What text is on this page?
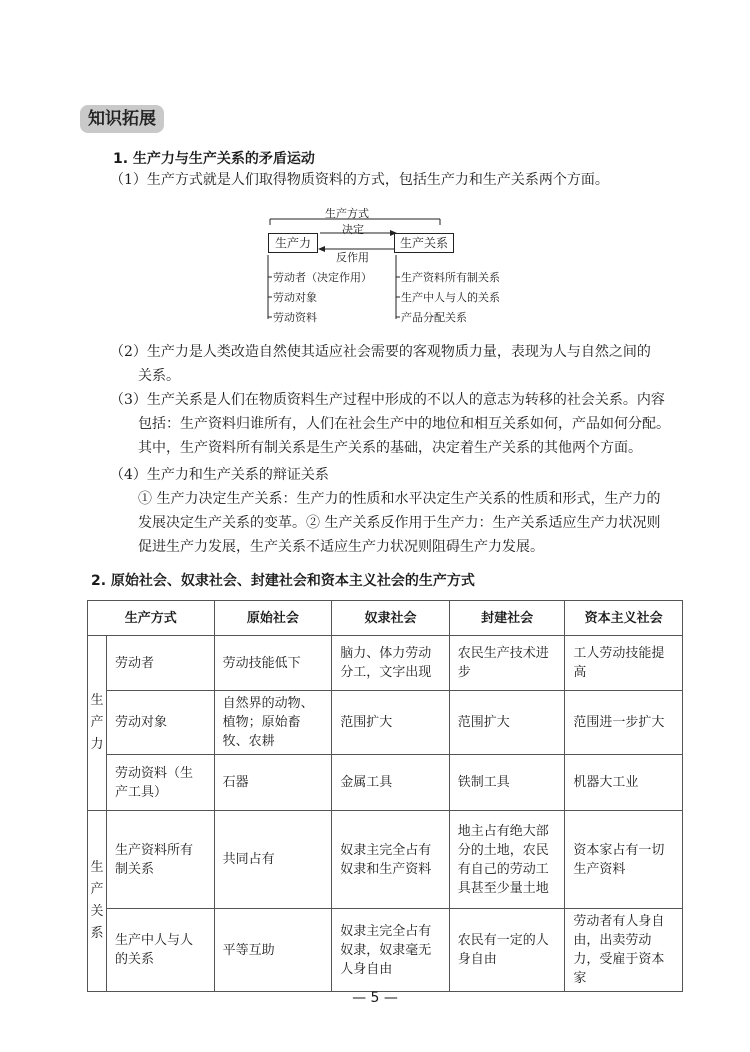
知识拓展
1. 生产力与生产关系的矛盾运动
（1）生产方式就是人们取得物质资料的方式，包括生产力和生产关系两个方面。
生产方式
生产力	生产关系
决定
反作用
劳动者（决定作用）
劳动对象
劳动资料
生产资料所有制关系
生产中人与人的关系
产品分配关系
（2）生产力是人类改造自然使其适应社会需要的客观物质力量，表现为人与自然之间的
关系。
（3）生产关系是人们在物质资料生产过程中形成的不以人的意志为转移的社会关系。内容
包括：生产资料归谁所有，人们在社会生产中的地位和相互关系如何，产品如何分配。
其中，生产资料所有制关系是生产关系的基础，决定着生产关系的其他两个方面。
（4）生产力和生产关系的辩证关系
① 生产力决定生产关系：生产力的性质和水平决定生产关系的性质和形式，生产力的
发展决定生产关系的变革。② 生产关系反作用于生产力：生产关系适应生产力状况则
促进生产力发展，生产关系不适应生产力状况则阻碍生产力发展。
2. 原始社会、奴隶社会、封建社会和资本主义社会的生产方式
生产方式		原始社会	奴隶社会	封建社会	资本主义社会
生产力	劳动者	劳动技能低下	脑力、体力劳动分工，文字出现	农民生产技术进步	工人劳动技能提高
	劳动对象	自然界的动物、植物；原始畜牧、农耕	范围扩大	范围扩大	范围进一步扩大
	劳动资料（生产工具）	石器	金属工具	铁制工具	机器大工业
生产关系	生产资料所有制关系	共同占有	奴隶主完全占有奴隶和生产资料	地主占有绝大部分的土地，农民有自己的劳动工具甚至少量土地	资本家占有一切生产资料
	生产中人与人的关系	平等互助	奴隶主完全占有奴隶，奴隶毫无人身自由	农民有一定的人身自由	劳动者有人身自由，出卖劳动力，受雇于资本家
— 5 —
